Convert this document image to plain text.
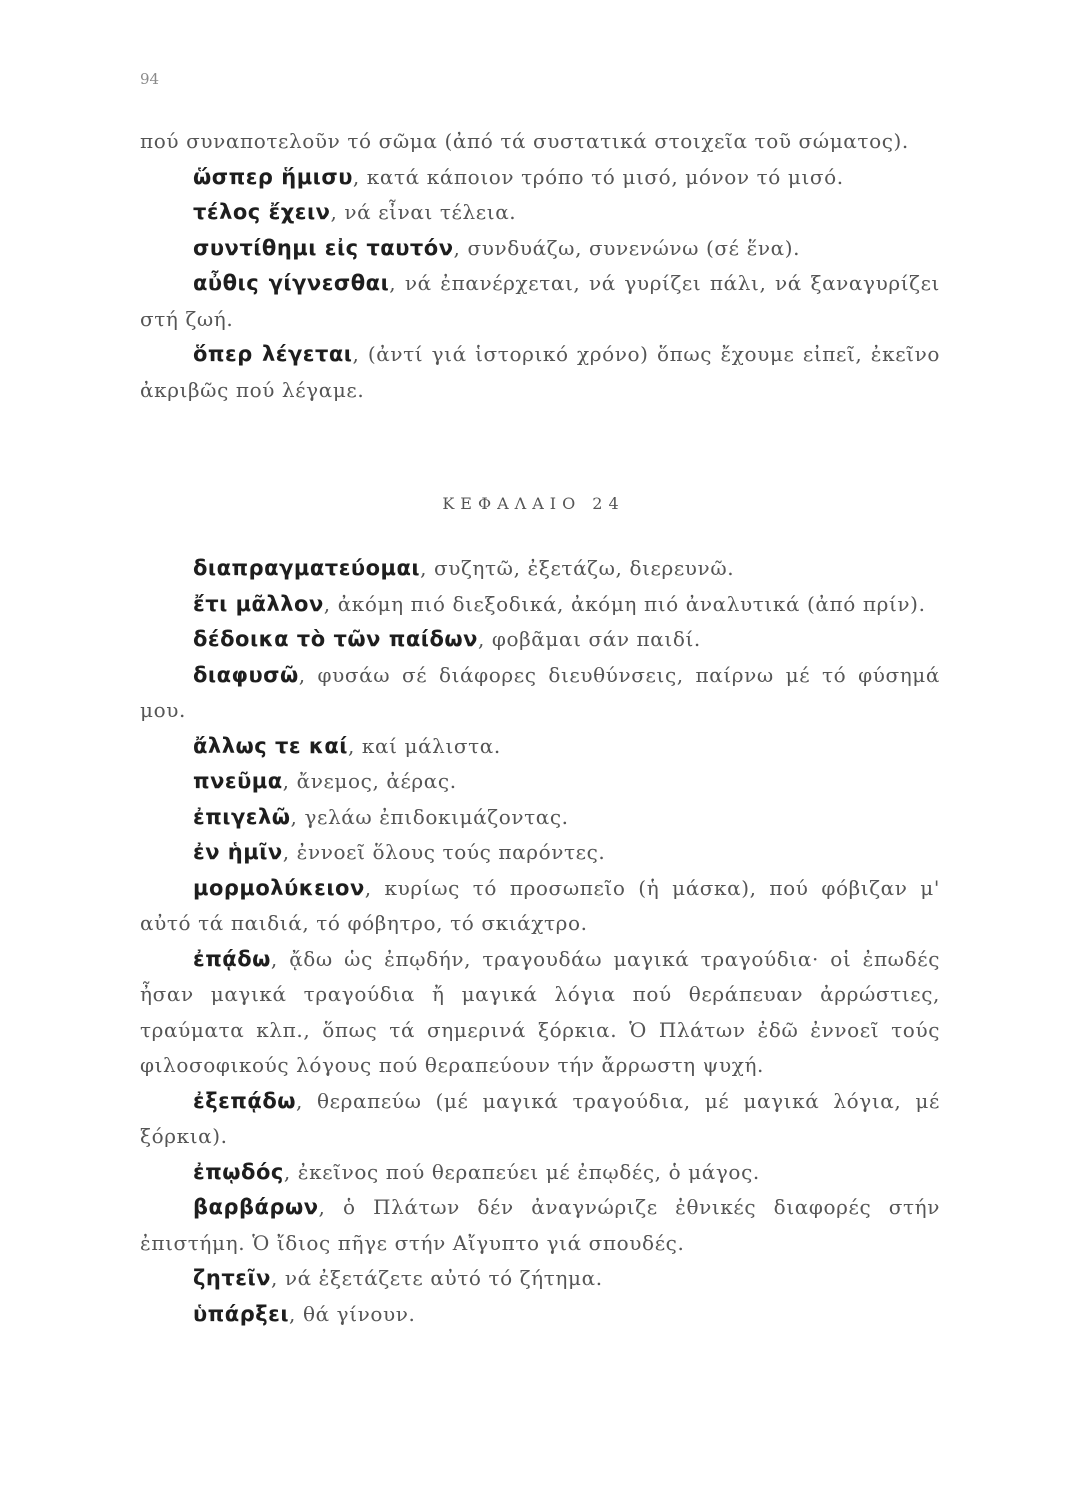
94

πού συναποτελοῦν τό σῶμα (ἀπό τά συστατικά στοιχεῖα τοῦ σώματος).

ὥσπερ ἥμισυ, κατά κάποιον τρόπο τό μισό, μόνον τό μισό.

τέλος ἔχειν, νά εἶναι τέλεια.

συντίθημι εἰς ταυτόν, συνδυάζω, συνενώνω (σέ ἕνα).

αὖθις γίγνεσθαι, νά ἐπανέρχεται, νά γυρίζει πάλι, νά ξαναγυρίζει στή ζωή.

ὅπερ λέγεται, (ἀντί γιά ἱστορικό χρόνο) ὅπως ἔχουμε εἰπεῖ, ἐκεῖνο ἀκριβῶς πού λέγαμε.

ΚΕΦΑΛΑΙΟ 24

διαπραγματεύομαι, συζητῶ, ἐξετάζω, διερευνῶ.

ἔτι μᾶλλον, ἀκόμη πιό διεξοδικά, ἀκόμη πιό ἀναλυτικά (ἀπό πρίν).

δέδοικα τὸ τῶν παίδων, φοβᾶμαι σάν παιδί.

διαφυσῶ, φυσάω σέ διάφορες διευθύνσεις, παίρνω μέ τό φύσημά μου.

ἄλλως τε καί, καί μάλιστα.

πνεῦμα, ἄνεμος, ἀέρας.

ἐπιγελῶ, γελάω ἐπιδοκιμάζοντας.

ἐν ἡμῖν, ἐννοεῖ ὅλους τούς παρόντες.

μορμολύκειον, κυρίως τό προσωπεῖο (ἡ μάσκα), πού φόβιζαν μ' αὐτό τά παιδιά, τό φόβητρο, τό σκιάχτρο.

ἐπᾴδω, ᾄδω ὡς ἐπῳδήν, τραγουδάω μαγικά τραγούδια· οἱ ἐπωδές ἦσαν μαγικά τραγούδια ἤ μαγικά λόγια πού θεράπευαν ἀρρώστιες, τραύματα κλπ., ὅπως τά σημερινά ξόρκια. Ὁ Πλάτων ἐδῶ ἐννοεῖ τούς φιλοσοφικούς λόγους πού θεραπεύουν τήν ἄρρωστη ψυχή.

ἐξεπᾴδω, θεραπεύω (μέ μαγικά τραγούδια, μέ μαγικά λόγια, μέ ξόρκια).

ἐπῳδός, ἐκεῖνος πού θεραπεύει μέ ἐπῳδές, ὁ μάγος.

βαρβάρων, ὁ Πλάτων δέν ἀναγνώριζε ἐθνικές διαφορές στήν ἐπιστήμη. Ὁ ἴδιος πῆγε στήν Αἴγυπτο γιά σπουδές.

ζητεῖν, νά ἐξετάζετε αὐτό τό ζήτημα.

ὑπάρξει, θά γίνουν.
